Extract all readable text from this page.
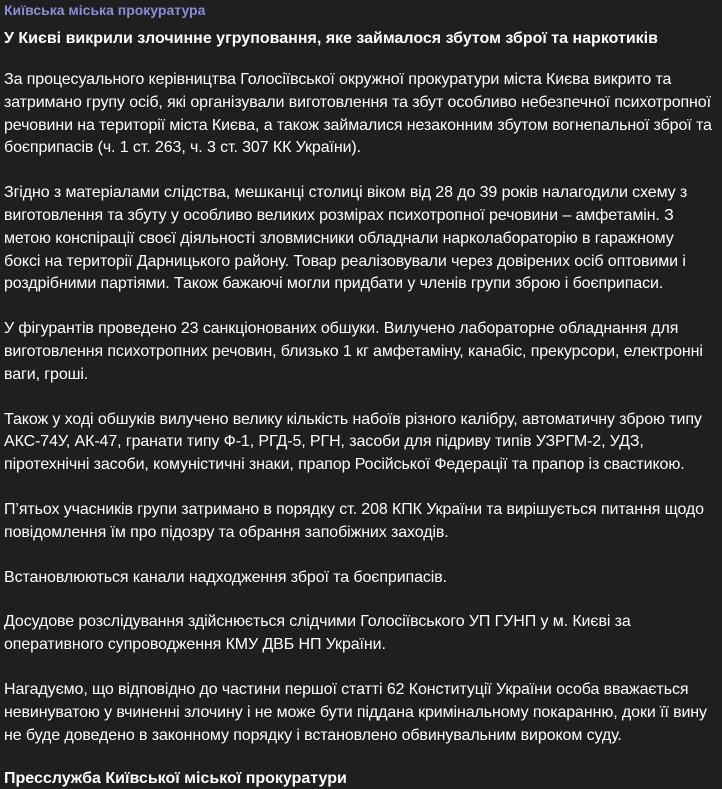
Київська міська прокуратура
У Києві викрили злочинне угруповання, яке займалося збутом зброї та наркотиків

За процесуального керівництва Голосіївської окружної прокуратури міста Києва викрито та затримано групу осіб, які організували виготовлення та збут особливо небезпечної психотропної речовини на території міста Києва, а також займалися незаконним збутом вогнепальної зброї та боєприпасів (ч. 1 ст. 263, ч. 3 ст. 307 КК України).

Згідно з матеріалами слідства, мешканці столиці віком від 28 до 39 років налагодили схему з виготовлення та збуту у особливо великих розмірах психотропної речовини – амфетамін. З метою конспірації своєї діяльності зловмисники обладнали нарколабораторію в гаражному боксі на території Дарницького району. Товар реалізовували через довірених осіб оптовими і роздрібними партіями. Також бажаючі могли придбати у членів групи зброю і боєприпаси.

У фігурантів проведено 23 санкціонованих обшуки. Вилучено лабораторне обладнання для виготовлення психотропних речовин, близько 1 кг амфетаміну, канабіс, прекурсори, електронні ваги, гроші.

Також у ході обшуків вилучено велику кількість набоїв різного калібру, автоматичну зброю типу АКС-74У, АК-47, гранати типу Ф-1, РГД-5, РГН, засоби для підриву типів УЗРГМ-2, УДЗ, піротехнічні засоби, комуністичні знаки, прапор Російської Федерації та прапор із свастикою.

П’ятьох учасників групи затримано в порядку ст. 208 КПК України та вирішується питання щодо повідомлення їм про підозру та обрання запобіжних заходів.

Встановлюються канали надходження зброї та боєприпасів.

Досудове розслідування здійснюється слідчими Голосіївського УП ГУНП у м. Києві за оперативного супроводження КМУ ДВБ НП України.

Нагадуємо, що відповідно до частини першої статті 62 Конституції України особа вважається невинуватою у вчиненні злочину і не може бути піддана кримінальному покаранню, доки її вину не буде доведено в законному порядку і встановлено обвинувальним вироком суду.

Пресслужба Київської міської прокуратури
